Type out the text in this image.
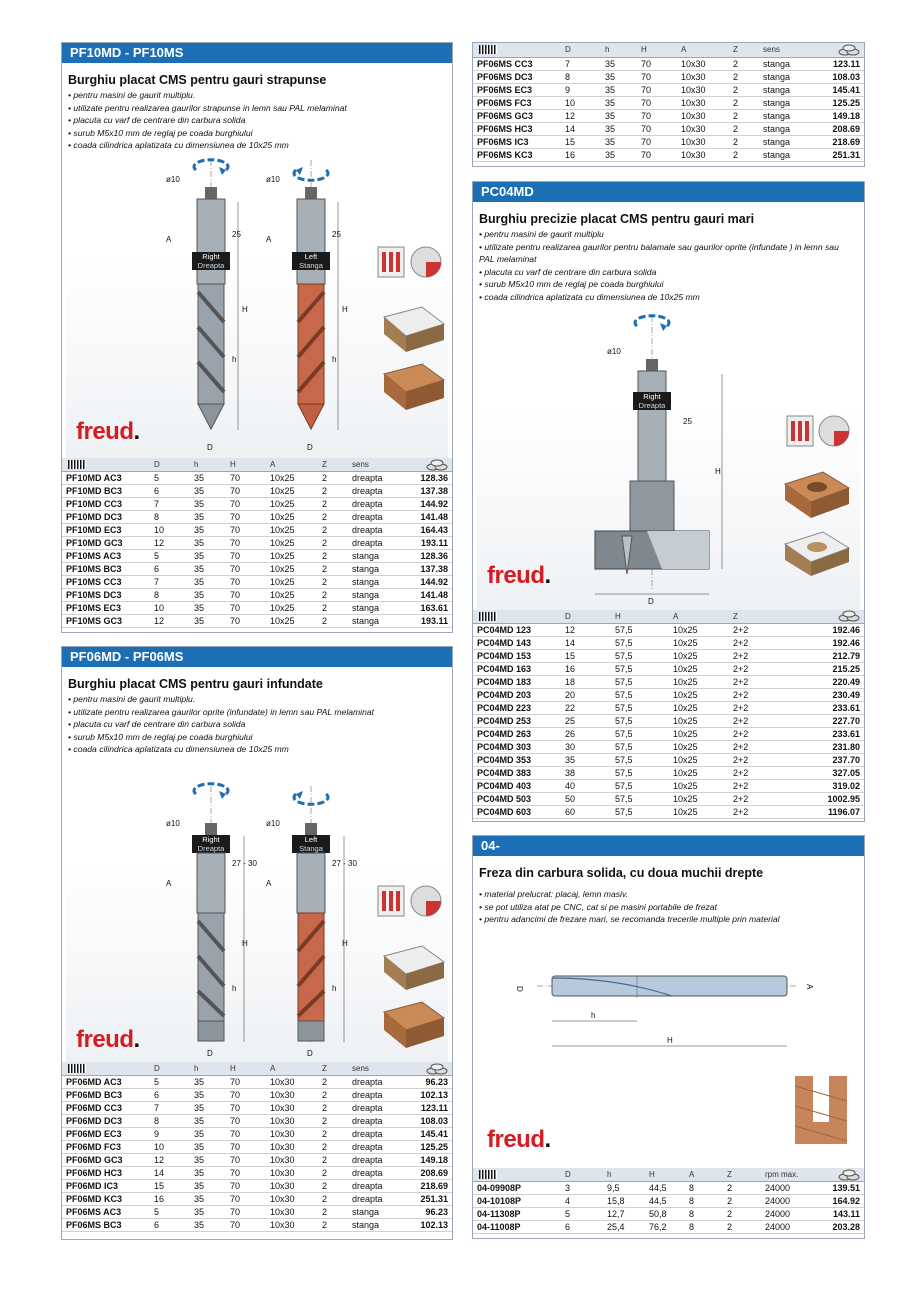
PF10MD - PF10MS
Burghiu placat CMS pentru gauri strapunse
• pentru masini de gaurit multiplu.
• utilizate pentru realizarea gaurilor strapunse in lemn sau PAL melaminat
• placuta cu varf de centrare din carbura solida
• surub M5x10 mm de reglaj pe coada burghiului
• coada cilindrica aplatizata cu dimensiunea de 10x25 mm
Right
Dreapta
Left
Stanga
ø10	ø10
A	A
H	H
h	h
25	25
D	D
freud.
	D	h	H	A	Z	sens	
PF10MD AC3	5	35	70	10x25	2	dreapta	128.36
PF10MD BC3	6	35	70	10x25	2	dreapta	137.38
PF10MD CC3	7	35	70	10x25	2	dreapta	144.92
PF10MD DC3	8	35	70	10x25	2	dreapta	141.48
PF10MD EC3	10	35	70	10x25	2	dreapta	164.43
PF10MD GC3	12	35	70	10x25	2	dreapta	193.11
PF10MS AC3	5	35	70	10x25	2	stanga	128.36
PF10MS BC3	6	35	70	10x25	2	stanga	137.38
PF10MS CC3	7	35	70	10x25	2	stanga	144.92
PF10MS DC3	8	35	70	10x25	2	stanga	141.48
PF10MS EC3	10	35	70	10x25	2	stanga	163.61
PF10MS GC3	12	35	70	10x25	2	stanga	193.11
PF06MD - PF06MS
Burghiu placat CMS pentru gauri infundate
• pentru masini de gaurit multiplu.
• utilizate pentru realizarea gaurilor oprite (infundate) in lemn sau PAL melaminat
• placuta cu varf de centrare din carbura solida
• surub M5x10 mm de reglaj pe coada burghiului
• coada cilindrica aplatizata cu dimensiunea de 10x25 mm
Right
Dreapta
Left
Stanga
ø10	ø10
A	A
H	H
h	h
27 - 30	27 - 30
D	D
freud.
	D	h	H	A	Z	sens	
PF06MD AC3	5	35	70	10x30	2	dreapta	96.23
PF06MD BC3	6	35	70	10x30	2	dreapta	102.13
PF06MD CC3	7	35	70	10x30	2	dreapta	123.11
PF06MD DC3	8	35	70	10x30	2	dreapta	108.03
PF06MD EC3	9	35	70	10x30	2	dreapta	145.41
PF06MD FC3	10	35	70	10x30	2	dreapta	125.25
PF06MD GC3	12	35	70	10x30	2	dreapta	149.18
PF06MD HC3	14	35	70	10x30	2	dreapta	208.69
PF06MD IC3	15	35	70	10x30	2	dreapta	218.69
PF06MD KC3	16	35	70	10x30	2	dreapta	251.31
PF06MS AC3	5	35	70	10x30	2	stanga	96.23
PF06MS BC3	6	35	70	10x30	2	stanga	102.13
	D	h	H	A	Z	sens	
PF06MS CC3	7	35	70	10x30	2	stanga	123.11
PF06MS DC3	8	35	70	10x30	2	stanga	108.03
PF06MS EC3	9	35	70	10x30	2	stanga	145.41
PF06MS FC3	10	35	70	10x30	2	stanga	125.25
PF06MS GC3	12	35	70	10x30	2	stanga	149.18
PF06MS HC3	14	35	70	10x30	2	stanga	208.69
PF06MS IC3	15	35	70	10x30	2	stanga	218.69
PF06MS KC3	16	35	70	10x30	2	stanga	251.31
PC04MD
Burghiu precizie placat CMS pentru gauri mari
• pentru masini de gaurit multiplu
• utilizate pentru realizarea gaurilor pentru balamale sau gaurilor oprite (infundate ) in lemn sau PAL melaminat
• placuta cu varf de centrare din carbura solida
• surub M5x10 mm de reglaj pe coada burghiului
• coada cilindrica aplatizata cu dimensiunea de 10x25 mm
Right
Dreapta
ø10
25
H
D
freud.
	D	H	A	Z	
PC04MD 123	12	57,5	10x25	2+2	192.46
PC04MD 143	14	57,5	10x25	2+2	192.46
PC04MD 153	15	57,5	10x25	2+2	212.79
PC04MD 163	16	57,5	10x25	2+2	215.25
PC04MD 183	18	57,5	10x25	2+2	220.49
PC04MD 203	20	57,5	10x25	2+2	230.49
PC04MD 223	22	57,5	10x25	2+2	233.61
PC04MD 253	25	57,5	10x25	2+2	227.70
PC04MD 263	26	57,5	10x25	2+2	233.61
PC04MD 303	30	57,5	10x25	2+2	231.80
PC04MD 353	35	57,5	10x25	2+2	237.70
PC04MD 383	38	57,5	10x25	2+2	327.05
PC04MD 403	40	57,5	10x25	2+2	319.02
PC04MD 503	50	57,5	10x25	2+2	1002.95
PC04MD 603	60	57,5	10x25	2+2	1196.07
04-
Freza din carbura solida, cu doua muchii drepte
• material prelucrat: placaj, lemn masiv.
• se pot utiliza atat pe CNC, cat si pe masini portabile de frezat
• pentru adancimi de frezare mari, se recomanda trecerile multiple prin material
D	A
h
H
freud.
	D	h	H	A	Z	rpm max.	
04-09908P	3	9,5	44,5	8	2	24000	139.51
04-10108P	4	15,8	44,5	8	2	24000	164.92
04-11308P	5	12,7	50,8	8	2	24000	143.11
04-11008P	6	25,4	76,2	8	2	24000	203.28
